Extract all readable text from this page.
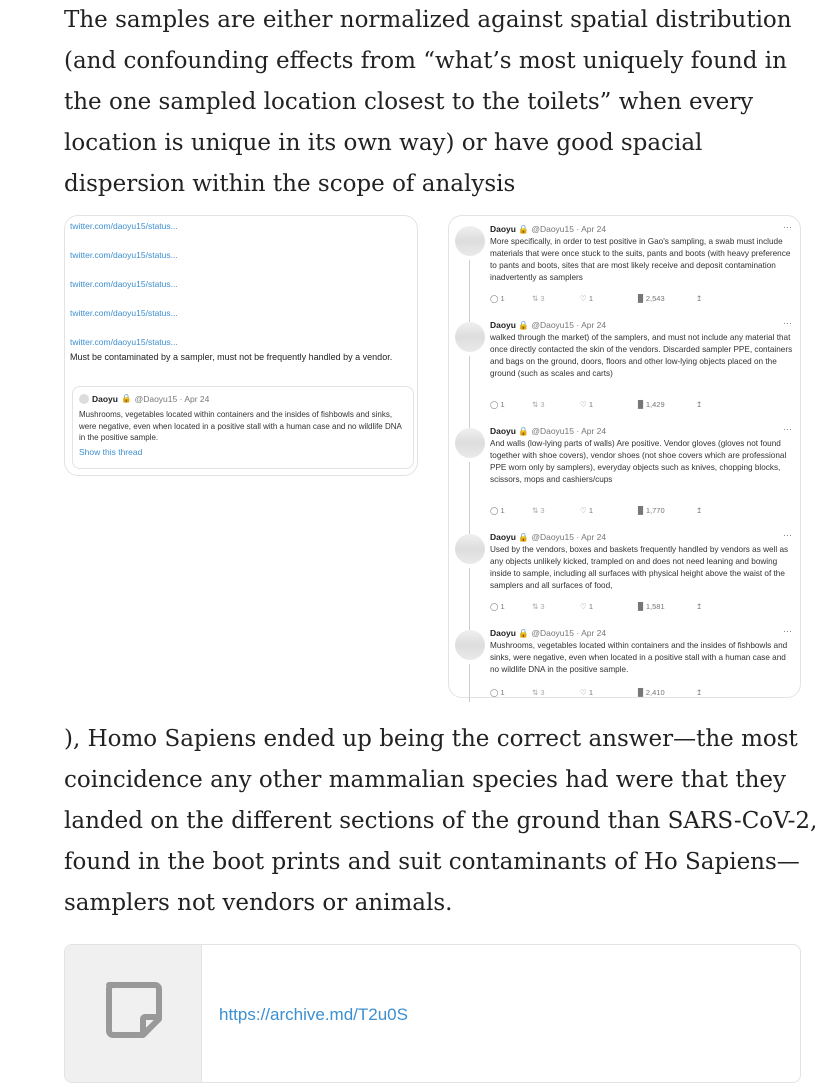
The samples are either normalized against spatial distribution
(and confounding effects from “what’s most uniquely found in
the one sampled location closest to the toilets” when every
location is unique in its own way) or have good spacial
dispersion within the scope of analysis
twitter.com/daoyu15/status...
twitter.com/daoyu15/status...
twitter.com/daoyu15/status...
twitter.com/daoyu15/status...
twitter.com/daoyu15/status...
Must be contaminated by a sampler, must not be frequently handled by a vendor.
Daoyu 🔒 @Daoyu15 · Apr 24
Mushrooms, vegetables located within containers and the insides of fishbowls and sinks, were negative, even when located in a positive stall with a human case and no wildlife DNA in the positive sample.
Show this thread
Daoyu 🔒 @Daoyu15 · Apr 24	···
More specifically, in order to test positive in Gao's sampling, a swab must include materials that were once stuck to the suits, pants and boots (with heavy preference to pants and boots, sites that are most likely receive and deposit contamination inadvertently as samplers
◯ 1	⇅ 3	♡ 1	▉ 2,543	↥
Daoyu 🔒 @Daoyu15 · Apr 24	···
walked through the market) of the samplers, and must not include any material that once directly contacted the skin of the vendors. Discarded sampler PPE, containers and bags on the ground, doors, floors and other low-lying objects placed on the ground (such as scales and carts)
◯ 1	⇅ 3	♡ 1	▉ 1,429	↥
Daoyu 🔒 @Daoyu15 · Apr 24	···
And walls (low-lying parts of walls) Are positive. Vendor gloves (gloves not found together with shoe covers), vendor shoes (not shoe covers which are professional PPE worn only by samplers), everyday objects such as knives, chopping blocks, scissors, mops and cashiers/cups
◯ 1	⇅ 3	♡ 1	▉ 1,770	↥
Daoyu 🔒 @Daoyu15 · Apr 24	···
Used by the vendors, boxes and baskets frequently handled by vendors as well as any objects unlikely kicked, trampled on and does not need leaning and bowing inside to sample, including all surfaces with physical height above the waist of the samplers and all surfaces of food,
◯ 1	⇅ 3	♡ 1	▉ 1,581	↥
Daoyu 🔒 @Daoyu15 · Apr 24	···
Mushrooms, vegetables located within containers and the insides of fishbowls and sinks, were negative, even when located in a positive stall with a human case and no wildlife DNA in the positive sample.
◯ 1	⇅ 3	♡ 1	▉ 2,410	↥
), Homo Sapiens ended up being the correct answer—the most
coincidence any other mammalian species had were that they
landed on the different sections of the ground than SARS-CoV-2,
found in the boot prints and suit contaminants of Ho Sapiens—
samplers not vendors or animals.
https://archive.md/T2u0S
